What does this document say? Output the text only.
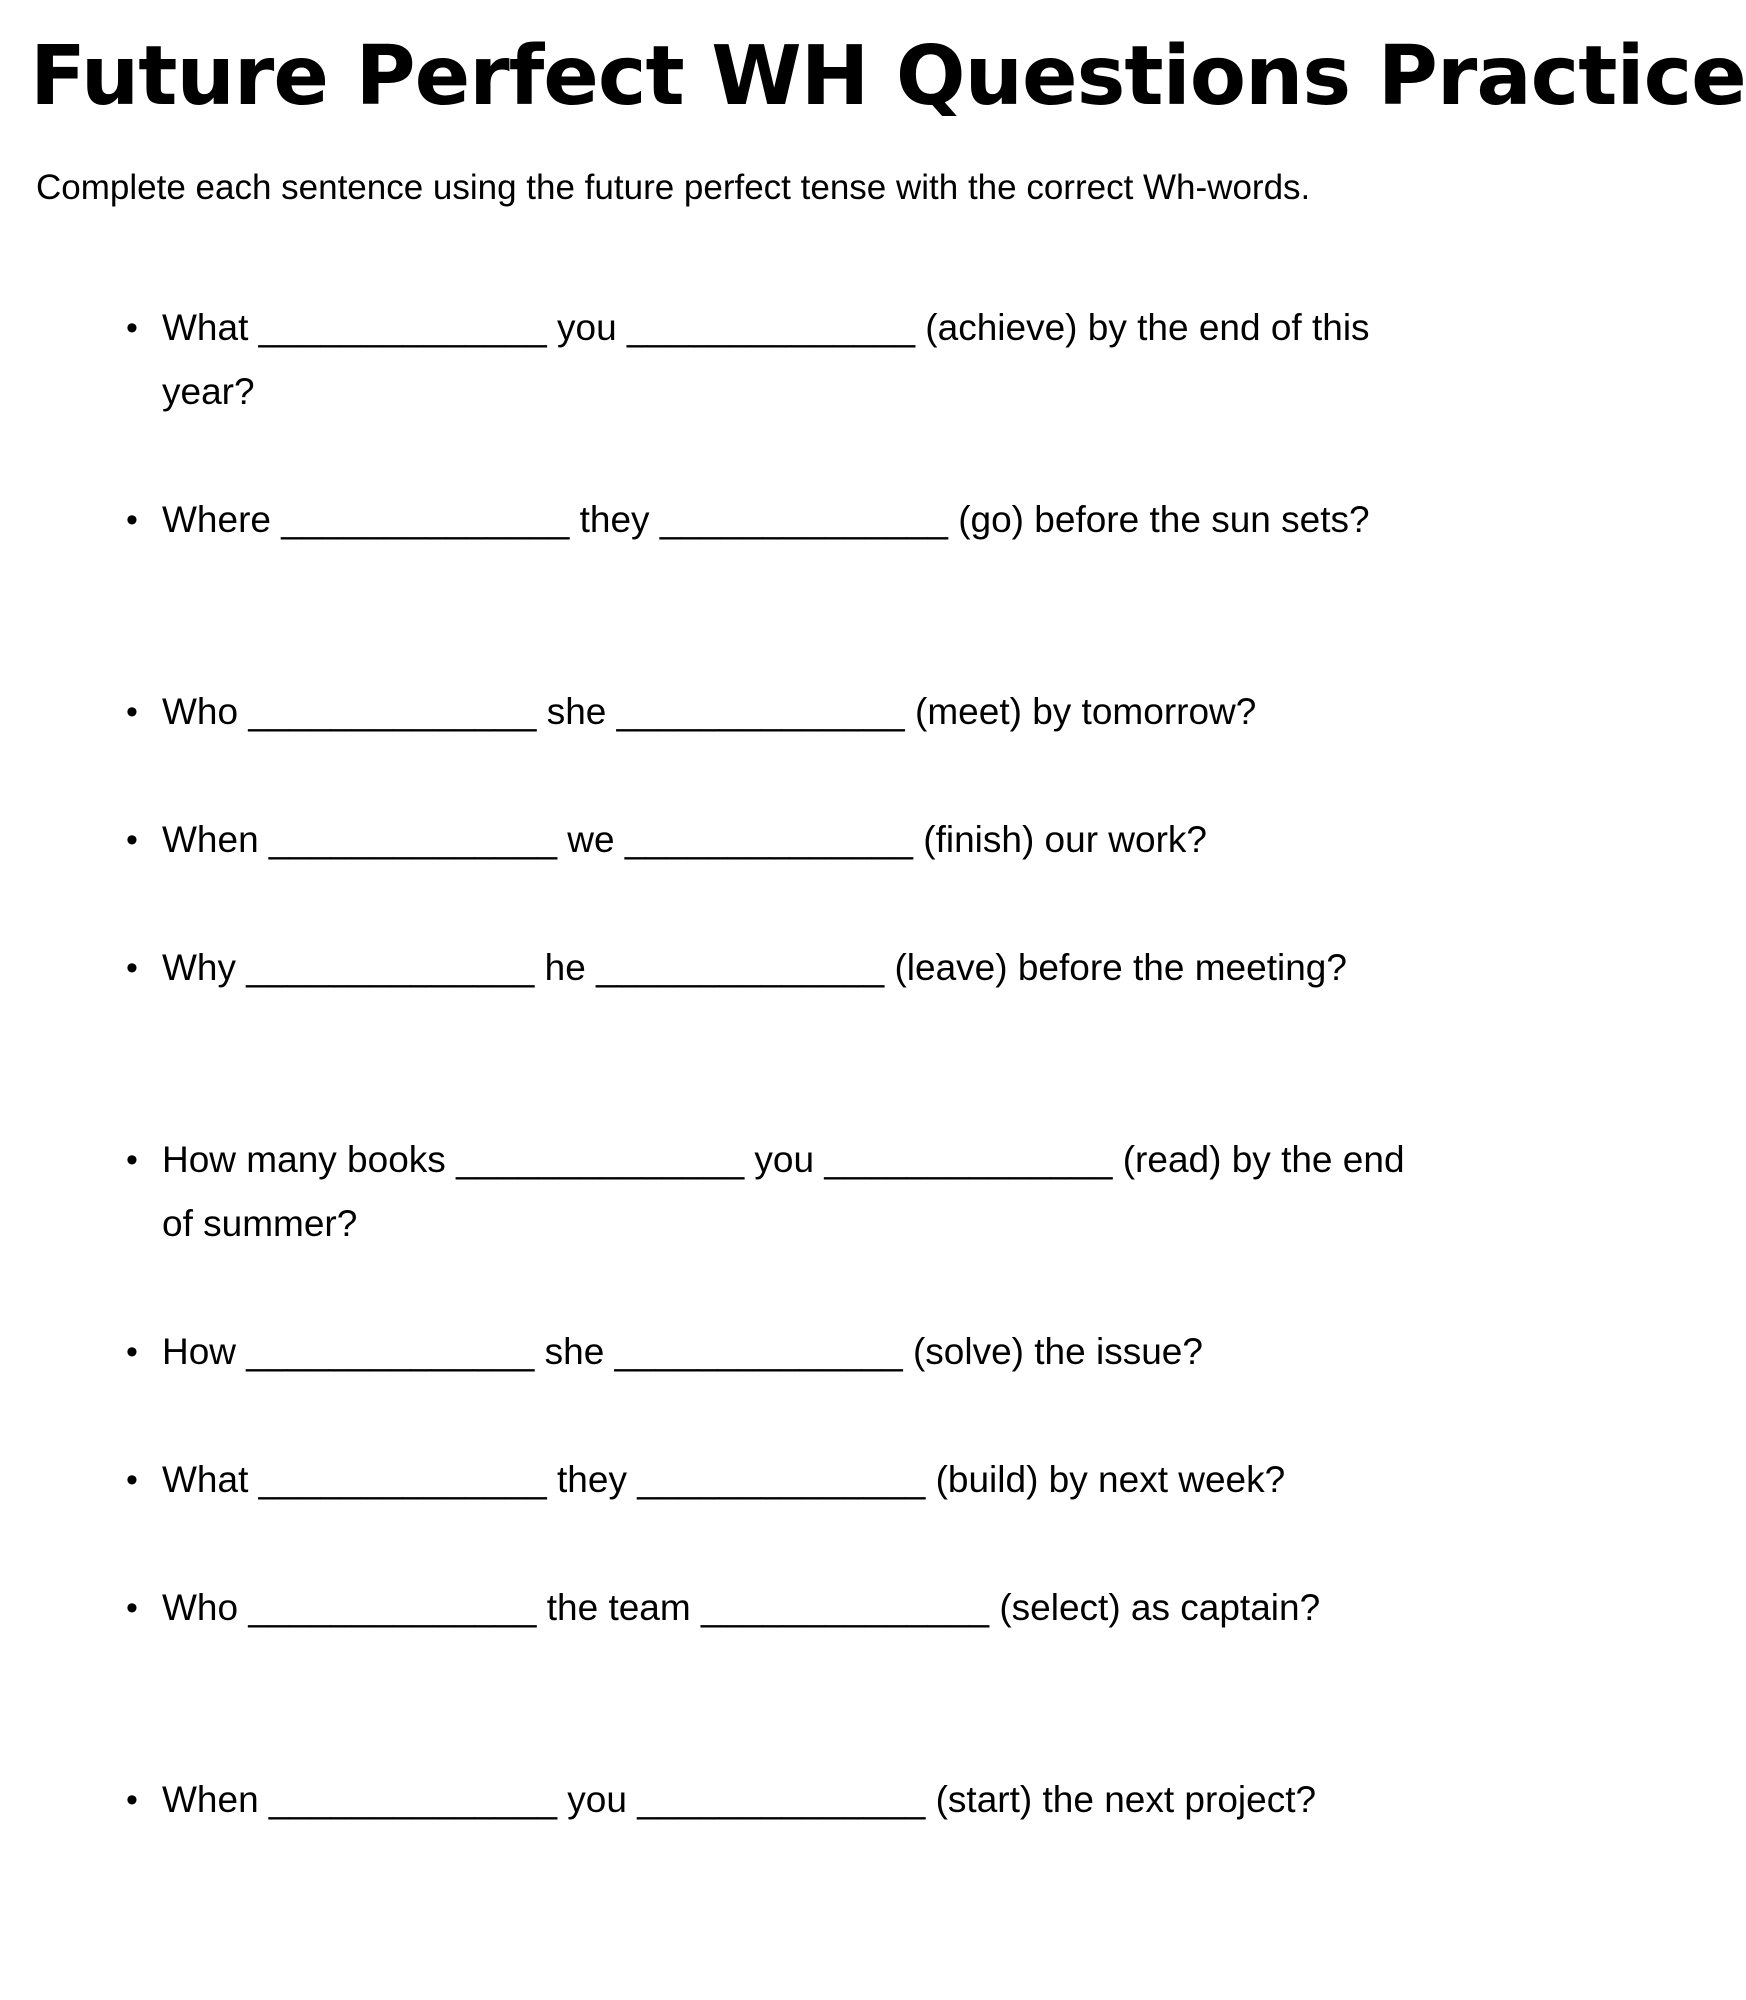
Future Perfect WH Questions Practice

Complete each sentence using the future perfect tense with the correct Wh-words.

• What ______________ you ______________ (achieve) by the end of this year?
• Where ______________ they ______________ (go) before the sun sets?
• Who ______________ she ______________ (meet) by tomorrow?
• When ______________ we ______________ (finish) our work?
• Why ______________ he ______________ (leave) before the meeting?
• How many books ______________ you ______________ (read) by the end of summer?
• How ______________ she ______________ (solve) the issue?
• What ______________ they ______________ (build) by next week?
• Who ______________ the team ______________ (select) as captain?
• When ______________ you ______________ (start) the next project?
